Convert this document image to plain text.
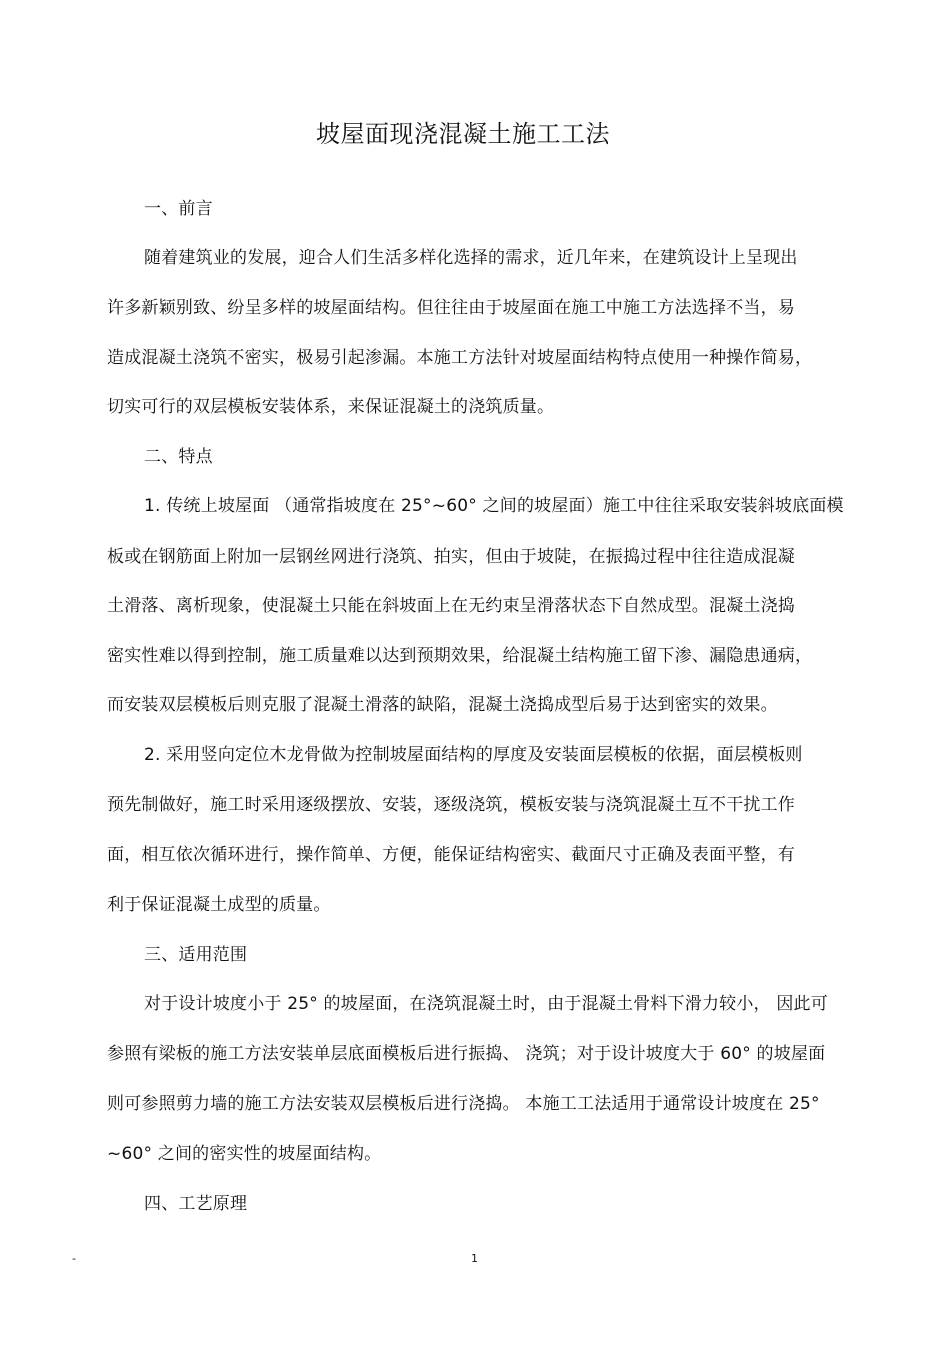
坡屋面现浇混凝土施工工法
一、前言
随着建筑业的发展，迎合人们生活多样化选择的需求，近几年来，在建筑设计上呈现出
许多新颖别致、纷呈多样的坡屋面结构。但往往由于坡屋面在施工中施工方法选择不当，易
造成混凝土浇筑不密实，极易引起渗漏。本施工方法针对坡屋面结构特点使用一种操作简易，
切实可行的双层模板安装体系，来保证混凝土的浇筑质量。
二、特点
1. 传统上坡屋面 （通常指坡度在 25°~60° 之间的坡屋面）施工中往往采取安装斜坡底面模
板或在钢筋面上附加一层钢丝网进行浇筑、拍实，但由于坡陡，在振捣过程中往往造成混凝
土滑落、离析现象，使混凝土只能在斜坡面上在无约束呈滑落状态下自然成型。混凝土浇捣
密实性难以得到控制，施工质量难以达到预期效果，给混凝土结构施工留下渗、漏隐患通病，
而安装双层模板后则克服了混凝土滑落的缺陷，混凝土浇捣成型后易于达到密实的效果。
2. 采用竖向定位木龙骨做为控制坡屋面结构的厚度及安装面层模板的依据，面层模板则
预先制做好，施工时采用逐级摆放、安装，逐级浇筑，模板安装与浇筑混凝土互不干扰工作
面，相互依次循环进行，操作简单、方便，能保证结构密实、截面尺寸正确及表面平整，有
利于保证混凝土成型的质量。
三、适用范围
对于设计坡度小于 25° 的坡屋面，在浇筑混凝土时，由于混凝土骨料下滑力较小， 因此可
参照有梁板的施工方法安装单层底面模板后进行振捣、 浇筑；对于设计坡度大于 60° 的坡屋面
则可参照剪力墙的施工方法安装双层模板后进行浇捣。 本施工工法适用于通常设计坡度在 25°
~60° 之间的密实性的坡屋面结构。
四、工艺原理
-	1
